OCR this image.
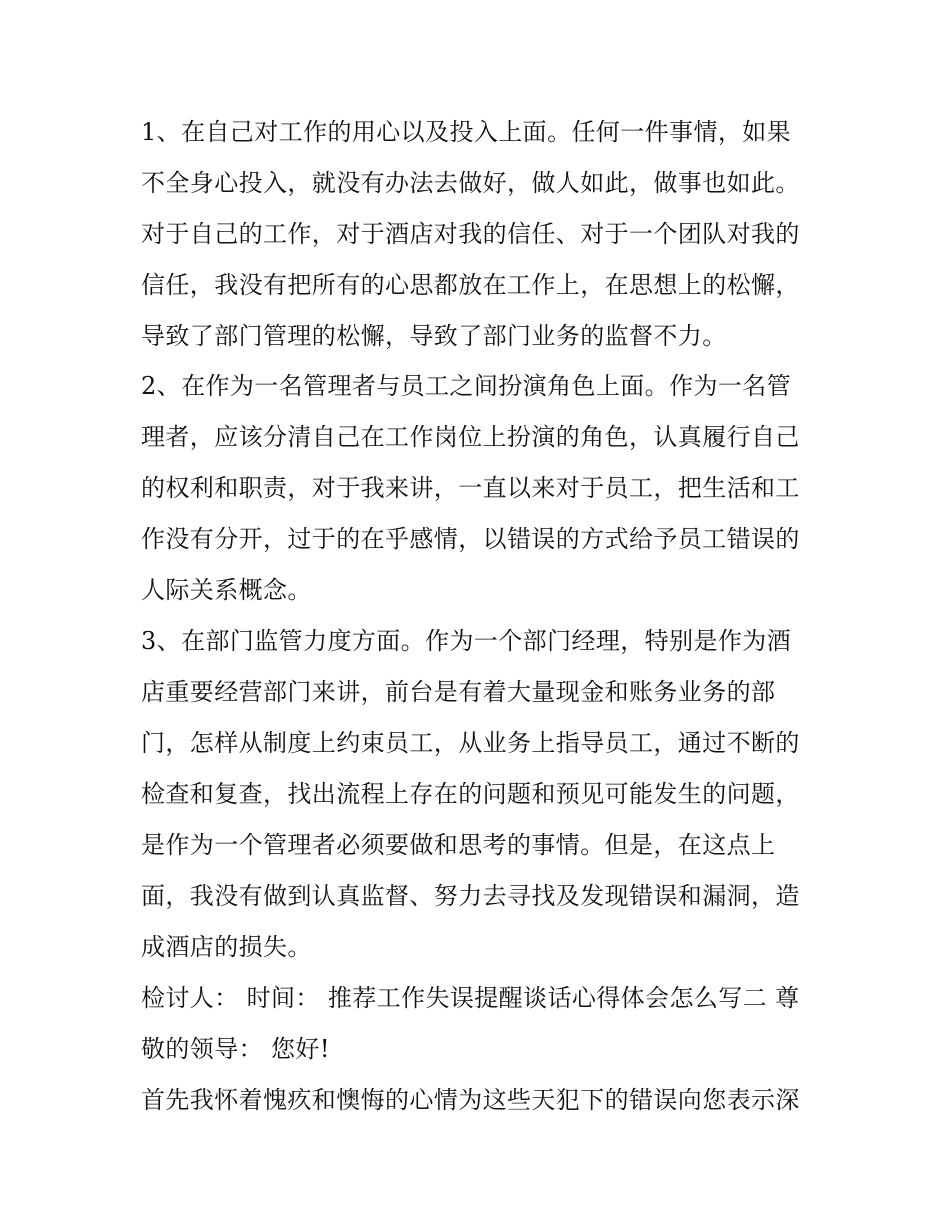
1、在自己对工作的用心以及投入上面。任何一件事情，如果
不全身心投入，就没有办法去做好，做人如此，做事也如此。
对于自己的工作，对于酒店对我的信任、对于一个团队对我的
信任，我没有把所有的心思都放在工作上，在思想上的松懈，
导致了部门管理的松懈，导致了部门业务的监督不力。
2、在作为一名管理者与员工之间扮演角色上面。作为一名管
理者，应该分清自己在工作岗位上扮演的角色，认真履行自己
的权利和职责，对于我来讲，一直以来对于员工，把生活和工
作没有分开，过于的在乎感情，以错误的方式给予员工错误的
人际关系概念。
3、在部门监管力度方面。作为一个部门经理，特别是作为酒
店重要经营部门来讲，前台是有着大量现金和账务业务的部
门，怎样从制度上约束员工，从业务上指导员工，通过不断的
检查和复查，找出流程上存在的问题和预见可能发生的问题，
是作为一个管理者必须要做和思考的事情。但是，在这点上
面，我没有做到认真监督、努力去寻找及发现错误和漏洞，造
成酒店的损失。
检讨人： 时间： 推荐工作失误提醒谈话心得体会怎么写二 尊
敬的领导： 您好!
首先我怀着愧疚和懊悔的心情为这些天犯下的错误向您表示深
